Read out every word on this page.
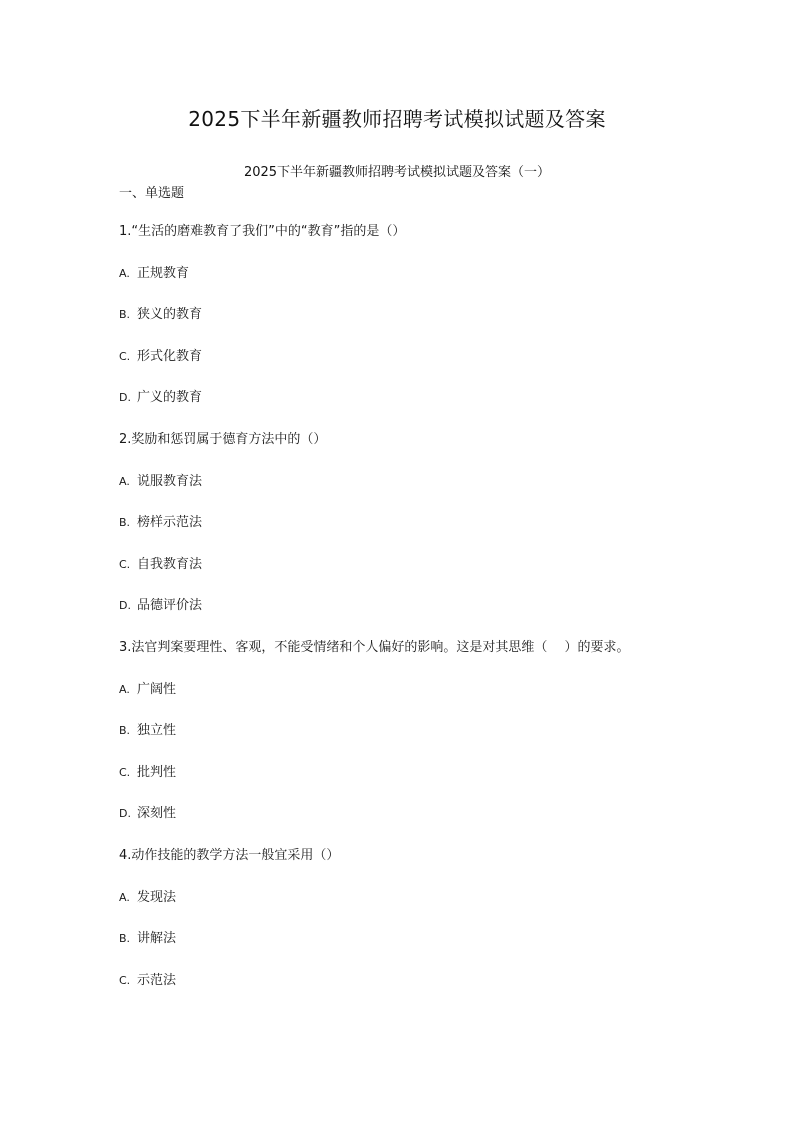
2025下半年新疆教师招聘考试模拟试题及答案
2025下半年新疆教师招聘考试模拟试题及答案（一）
一、单选题
1.“生活的磨难教育了我们”中的“教育”指的是（）
A. 正规教育
B. 狭义的教育
C. 形式化教育
D. 广义的教育
2.奖励和惩罚属于德育方法中的（）
A. 说服教育法
B. 榜样示范法
C. 自我教育法
D. 品德评价法
3.法官判案要理性、客观，不能受情绪和个人偏好的影响。这是对其思维（　 ）的要求。
A. 广阔性
B. 独立性
C. 批判性
D. 深刻性
4.动作技能的教学方法一般宜采用（）
A. 发现法
B. 讲解法
C. 示范法
